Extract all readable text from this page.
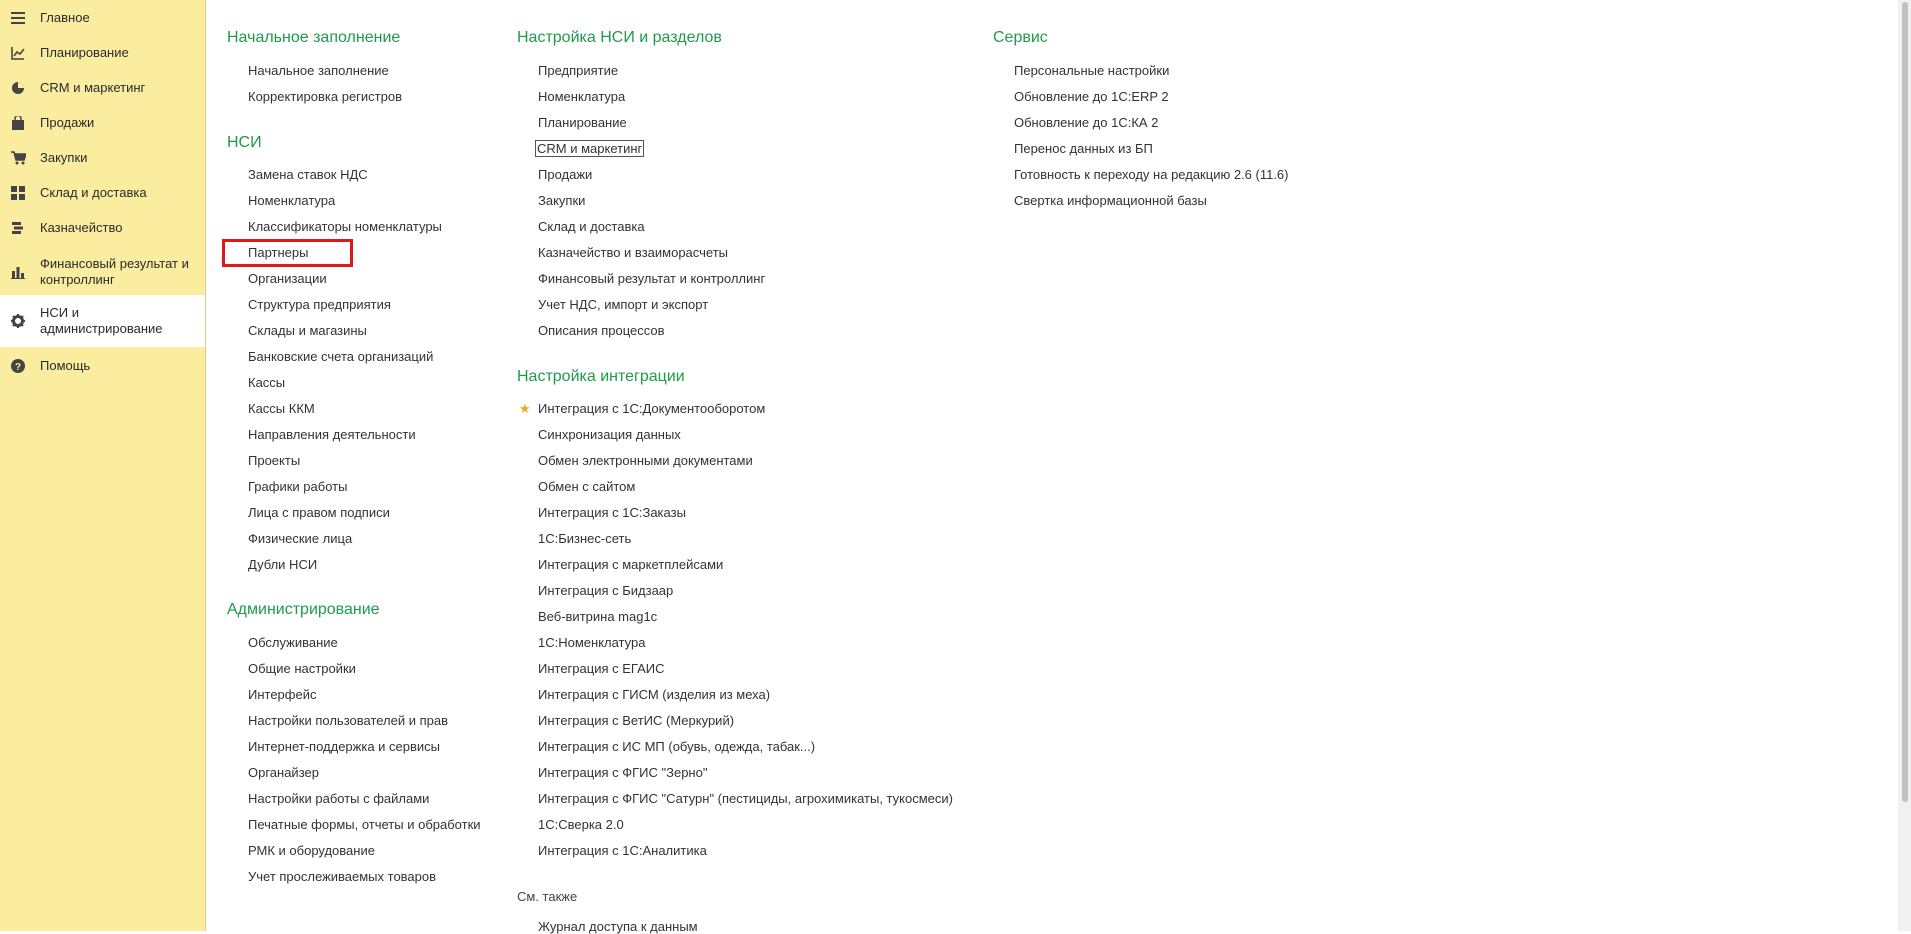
Главное
Планирование
CRM и маркетинг
Продажи
Закупки
Склад и доставка
Казначейство
Финансовый результат и контроллинг
НСИ и администрирование
? Помощь
Начальное заполнение
Начальное заполнение
Корректировка регистров
НСИ
Замена ставок НДС
Номенклатура
Классификаторы номенклатуры
Партнеры
Организации
Структура предприятия
Склады и магазины
Банковские счета организаций
Кассы
Кассы ККМ
Направления деятельности
Проекты
Графики работы
Лица с правом подписи
Физические лица
Дубли НСИ
Администрирование
Обслуживание
Общие настройки
Интерфейс
Настройки пользователей и прав
Интернет-поддержка и сервисы
Органайзер
Настройки работы с файлами
Печатные формы, отчеты и обработки
РМК и оборудование
Учет прослеживаемых товаров
Настройка НСИ и разделов
Предприятие
Номенклатура
Планирование
CRM и маркетинг
Продажи
Закупки
Склад и доставка
Казначейство и взаиморасчеты
Финансовый результат и контроллинг
Учет НДС, импорт и экспорт
Описания процессов
Настройка интеграции
★ Интеграция с 1С:Документооборотом
Синхронизация данных
Обмен электронными документами
Обмен с сайтом
Интеграция с 1С:Заказы
1С:Бизнес-сеть
Интеграция с маркетплейсами
Интеграция с Бидзаар
Веб-витрина mag1c
1С:Номенклатура
Интеграция с ЕГАИС
Интеграция с ГИСМ (изделия из меха)
Интеграция с ВетИС (Меркурий)
Интеграция с ИС МП (обувь, одежда, табак...)
Интеграция с ФГИС "Зерно"
Интеграция с ФГИС "Сатурн" (пестициды, агрохимикаты, тукосмеси)
1С:Сверка 2.0
Интеграция с 1С:Аналитика
См. также
Журнал доступа к данным
Сервис
Персональные настройки
Обновление до 1С:ERP 2
Обновление до 1С:КА 2
Перенос данных из БП
Готовность к переходу на редакцию 2.6 (11.6)
Свертка информационной базы
